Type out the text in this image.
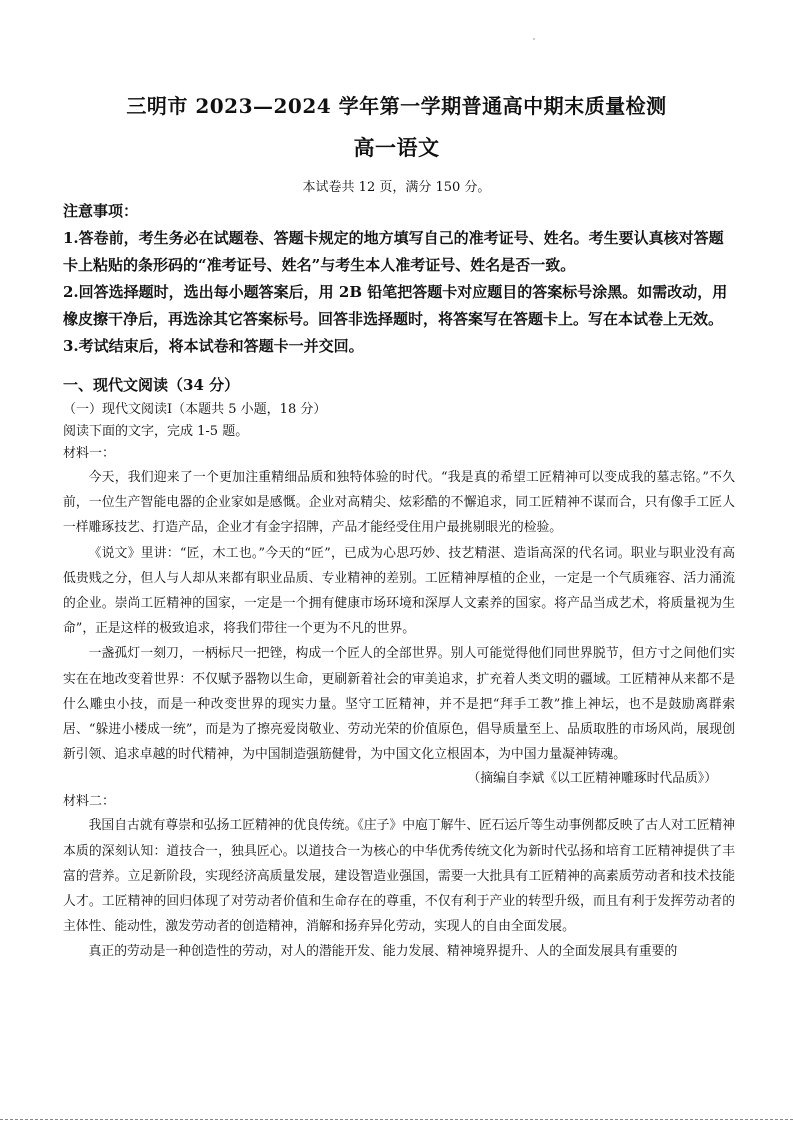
三明市 2023—2024 学年第一学期普通高中期末质量检测
高一语文
本试卷共 12 页，满分 150 分。
注意事项：
1.答卷前，考生务必在试题卷、答题卡规定的地方填写自己的准考证号、姓名。考生要认真核对答题卡上粘贴的条形码的“准考证号、姓名”与考生本人准考证号、姓名是否一致。
2.回答选择题时，选出每小题答案后，用 2B 铅笔把答题卡对应题目的答案标号涂黑。如需改动，用橡皮擦干净后，再选涂其它答案标号。回答非选择题时，将答案写在答题卡上。写在本试卷上无效。
3.考试结束后，将本试卷和答题卡一并交回。
一、现代文阅读（34 分）
（一）现代文阅读Ⅰ（本题共 5 小题，18 分）
阅读下面的文字，完成 1-5 题。
材料一：
今天，我们迎来了一个更加注重精细品质和独特体验的时代。“我是真的希望工匠精神可以变成我的墓志铭。”不久前，一位生产智能电器的企业家如是感慨。企业对高精尖、炫彩酷的不懈追求，同工匠精神不谋而合，只有像手工匠人一样雕琢技艺、打造产品，企业才有金字招牌，产品才能经受住用户最挑剔眼光的检验。
《说文》里讲：“匠，木工也。”今天的“匠”，已成为心思巧妙、技艺精湛、造诣高深的代名词。职业与职业没有高低贵贱之分，但人与人却从来都有职业品质、专业精神的差别。工匠精神厚植的企业，一定是一个气质雍容、活力涌流的企业。崇尚工匠精神的国家，一定是一个拥有健康市场环境和深厚人文素养的国家。将产品当成艺术，将质量视为生命”，正是这样的极致追求，将我们带往一个更为不凡的世界。
一盏孤灯一刻刀，一柄标尺一把锉，构成一个匠人的全部世界。别人可能觉得他们同世界脱节，但方寸之间他们实实在在地改变着世界：不仅赋予器物以生命，更刷新着社会的审美追求，扩充着人类文明的疆域。工匠精神从来都不是什么雕虫小技，而是一种改变世界的现实力量。坚守工匠精神，并不是把“拜手工教”推上神坛，也不是鼓励离群索居、“躲进小楼成一统”，而是为了擦亮爱岗敬业、劳动光荣的价值原色，倡导质量至上、品质取胜的市场风尚，展现创新引领、追求卓越的时代精神，为中国制造强筋健骨，为中国文化立根固本，为中国力量凝神铸魂。
（摘编自李斌《以工匠精神雕琢时代品质》）
材料二：
我国自古就有尊崇和弘扬工匠精神的优良传统。《庄子》中庖丁解牛、匠石运斤等生动事例都反映了古人对工匠精神本质的深刻认知：道技合一，独具匠心。以道技合一为核心的中华优秀传统文化为新时代弘扬和培育工匠精神提供了丰富的营养。立足新阶段，实现经济高质量发展，建设智造业强国，需要一大批具有工匠精神的高素质劳动者和技术技能人才。工匠精神的回归体现了对劳动者价值和生命存在的尊重，不仅有利于产业的转型升级，而且有利于发挥劳动者的主体性、能动性，激发劳动者的创造精神，消解和扬弃异化劳动，实现人的自由全面发展。
真正的劳动是一种创造性的劳动，对人的潜能开发、能力发展、精神境界提升、人的全面发展具有重要的
